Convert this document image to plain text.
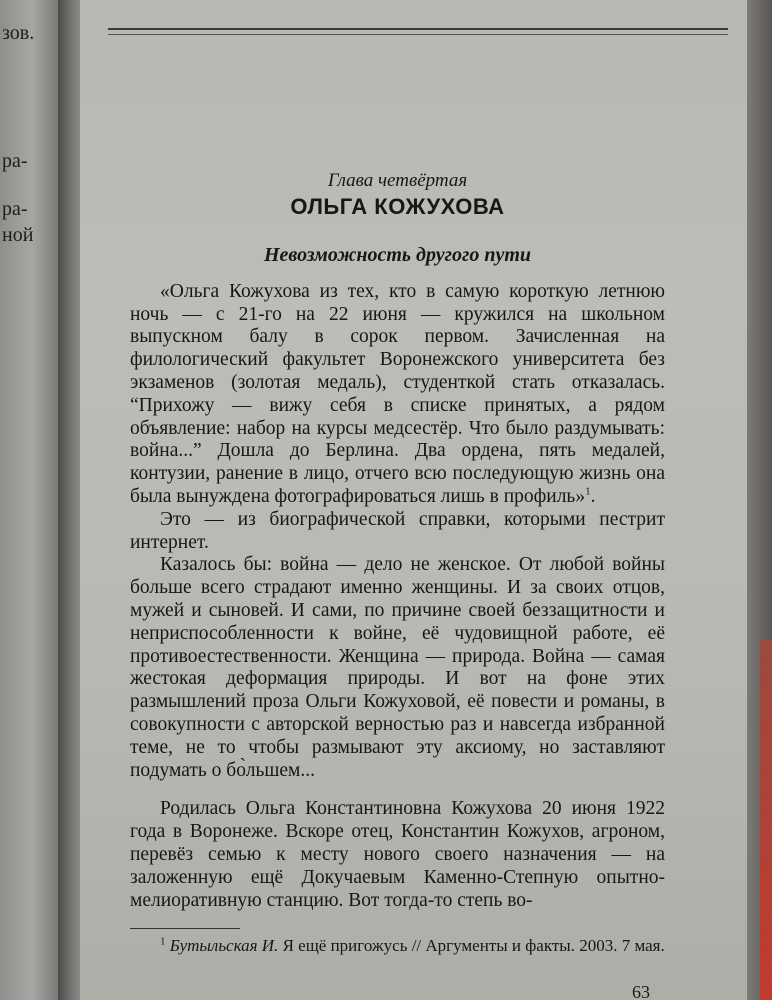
зов.
ра-
ра-
ной

Глава четвёртая

ОЛЬГА КОЖУХОВА

Невозможность другого пути

«Ольга Кожухова из тех, кто в самую короткую летнюю ночь — с 21-го на 22 июня — кружился на школьном выпускном балу в сорок первом. Зачисленная на филологический факультет Воронежского университета без экзаменов (золотая медаль), студенткой стать отказалась. “Прихожу — вижу себя в списке принятых, а рядом объявление: набор на курсы медсестёр. Что было раздумывать: война...” Дошла до Берлина. Два ордена, пять медалей, контузии, ранение в лицо, отчего всю последующую жизнь она была вынуждена фотографироваться лишь в профиль»$^1$.

Это — из биографической справки, которыми пестрит интернет.

Казалось бы: война — дело не женское. От любой войны больше всего страдают именно женщины. И за своих отцов, мужей и сыновей. И сами, по причине своей беззащитности и неприспособленности к войне, её чудовищной работе, её противоестественности. Женщина — природа. Война — самая жестокая деформация природы. И вот на фоне этих размышлений проза Ольги Кожуховой, её повести и романы, в совокупности с авторской верностью раз и навсегда избранной теме, не то чтобы размывают эту аксиому, но заставляют подумать о бо̀льшем...

Родилась Ольга Константиновна Кожухова 20 июня 1922 года в Воронеже. Вскоре отец, Константин Кожухов, агроном, перевёз семью к месту нового своего назначения — на заложенную ещё Докучаевым Каменно-Степную опытно-мелиоративную станцию. Вот тогда-то степь во-

$^1$ Бутыльская И. Я ещё пригожусь // Аргументы и факты. 2003. 7 мая.

63
